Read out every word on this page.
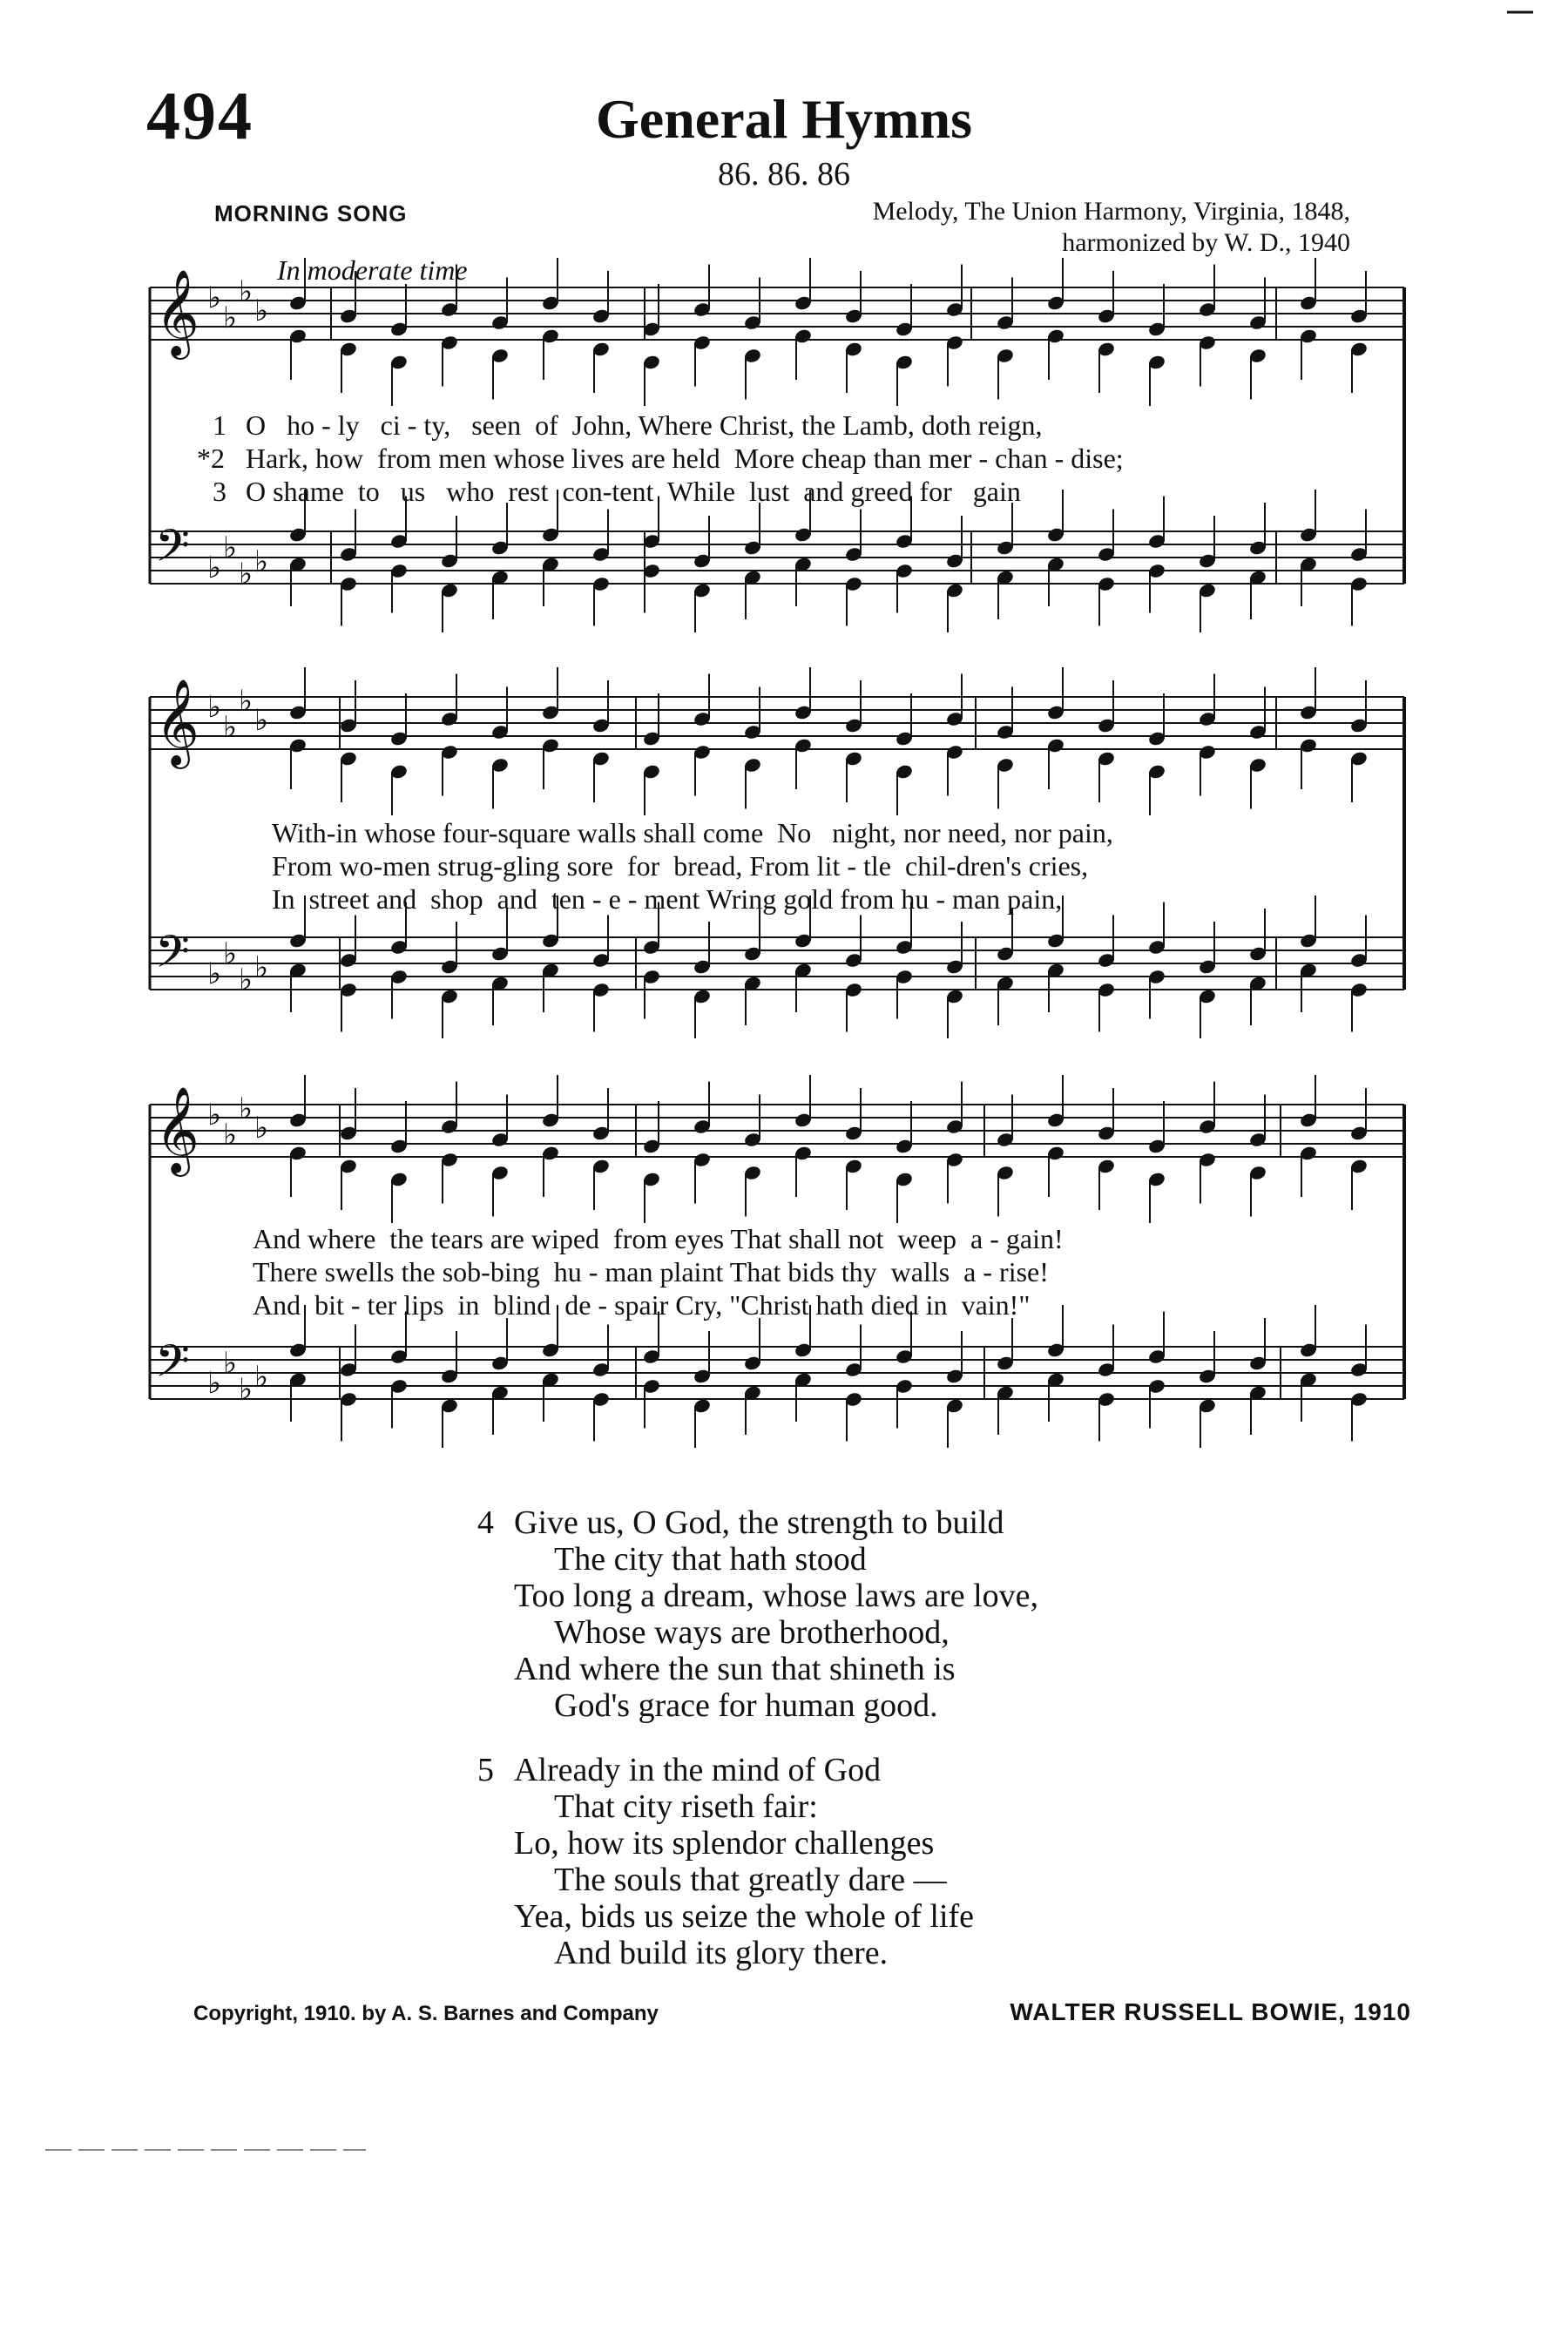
494	General Hymns
86. 86. 86
MORNING SONG	Melody, The Union Harmony, Virginia, 1848,
harmonized by W. D., 1940
In moderate time
𝄞 ♭
♭
♭
♭
𝄢 ♭
♭
♭ ♭
𝄞 ♭
♭
♭
♭
𝄢 ♭
♭
♭ ♭
𝄞 ♭
♭
♭
♭
𝄢 ♭
♭
♭ ♭
1 O   ho - ly   ci - ty,   seen  of  John, Where Christ, the Lamb, doth reign,
*2 Hark, how  from men whose lives are held  More cheap than mer - chan - dise;
3 O shame  to   us   who  rest  con-tent  While  lust  and greed for   gain
With-in whose four-square walls shall come  No   night, nor need, nor pain,
From wo-men strug-gling sore  for  bread, From lit - tle  chil-dren's cries,
In  street and  shop  and  ten - e - ment Wring gold from hu - man pain,
And where  the tears are wiped  from eyes That shall not  weep  a - gain!
There swells the sob-bing  hu - man plaint That bids thy  walls  a - rise!
And  bit - ter lips  in  blind  de - spair Cry, "Christ hath died in  vain!"
4 Give us, O God, the strength to build
The city that hath stood
Too long a dream, whose laws are love,
Whose ways are brotherhood,
And where the sun that shineth is
God's grace for human good.
5 Already in the mind of God
That city riseth fair:
Lo, how its splendor challenges
The souls that greatly dare —
Yea, bids us seize the whole of life
And build its glory there.
Copyright, 1910. by A. S. Barnes and Company	WALTER RUSSELL BOWIE, 1910
